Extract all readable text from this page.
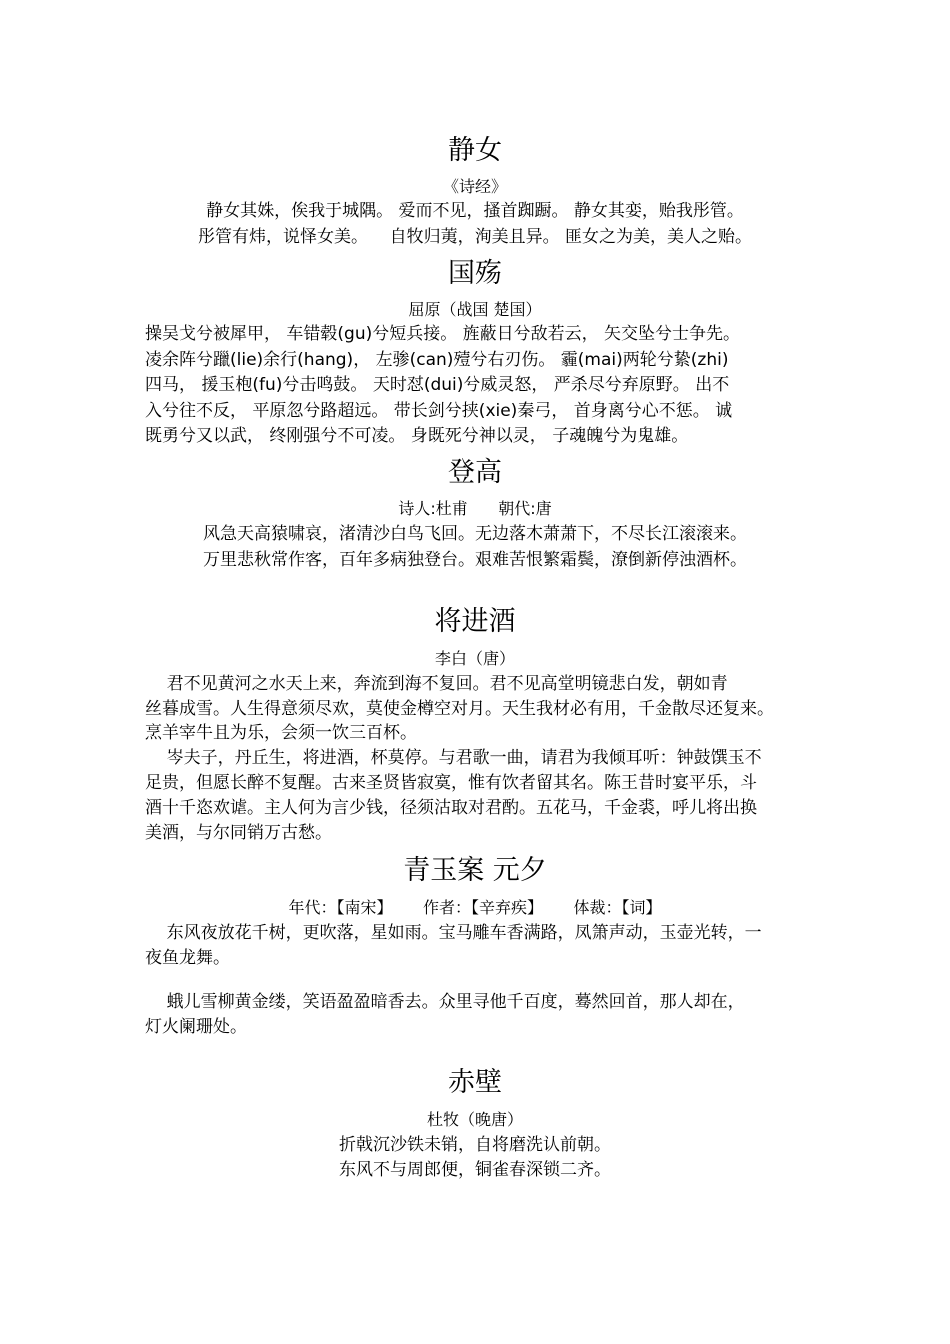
静女
《诗经》
静女其姝，俟我于城隅。 爱而不见，搔首踟蹰。 静女其娈，贻我彤管。
彤管有炜，说怿女美。    自牧归荑，洵美且异。 匪女之为美，美人之贻。
国殇
屈原（战国 楚国）
操吴戈兮被犀甲， 车错毂(gu)兮短兵接。 旌蔽日兮敌若云， 矢交坠兮士争先。
凌余阵兮躐(lie)余行(hang)， 左骖(can)殪兮右刃伤。 霾(mai)两轮兮絷(zhi)
四马， 援玉枹(fu)兮击鸣鼓。 天时怼(dui)兮威灵怒， 严杀尽兮弃原野。 出不
入兮往不反， 平原忽兮路超远。 带长剑兮挟(xie)秦弓， 首身离兮心不惩。 诚
既勇兮又以武， 终刚强兮不可凌。 身既死兮神以灵， 子魂魄兮为鬼雄。
登高
诗人:杜甫      朝代:唐
风急天高猿啸哀，渚清沙白鸟飞回。无边落木萧萧下，不尽长江滚滚来。
万里悲秋常作客，百年多病独登台。艰难苦恨繁霜鬓，潦倒新停浊酒杯。
将进酒
李白（唐）
君不见黄河之水天上来，奔流到海不复回。君不见高堂明镜悲白发，朝如青
丝暮成雪。人生得意须尽欢，莫使金樽空对月。天生我材必有用，千金散尽还复来。
烹羊宰牛且为乐，会须一饮三百杯。
岑夫子，丹丘生，将进酒，杯莫停。与君歌一曲，请君为我倾耳听：钟鼓馔玉不
足贵，但愿长醉不复醒。古来圣贤皆寂寞，惟有饮者留其名。陈王昔时宴平乐，斗
酒十千恣欢谑。主人何为言少钱，径须沽取对君酌。五花马，千金裘，呼儿将出换
美酒，与尔同销万古愁。
青玉案 元夕
年代：【南宋】      作者：【辛弃疾】      体裁：【词】
东风夜放花千树，更吹落，星如雨。宝马雕车香满路，凤箫声动，玉壶光转，一
夜鱼龙舞。
蛾儿雪柳黄金缕，笑语盈盈暗香去。众里寻他千百度，蓦然回首，那人却在，
灯火阑珊处。
赤壁
杜牧（晚唐）
折戟沉沙铁未销，自将磨洗认前朝。
东风不与周郎便，铜雀春深锁二齐。
